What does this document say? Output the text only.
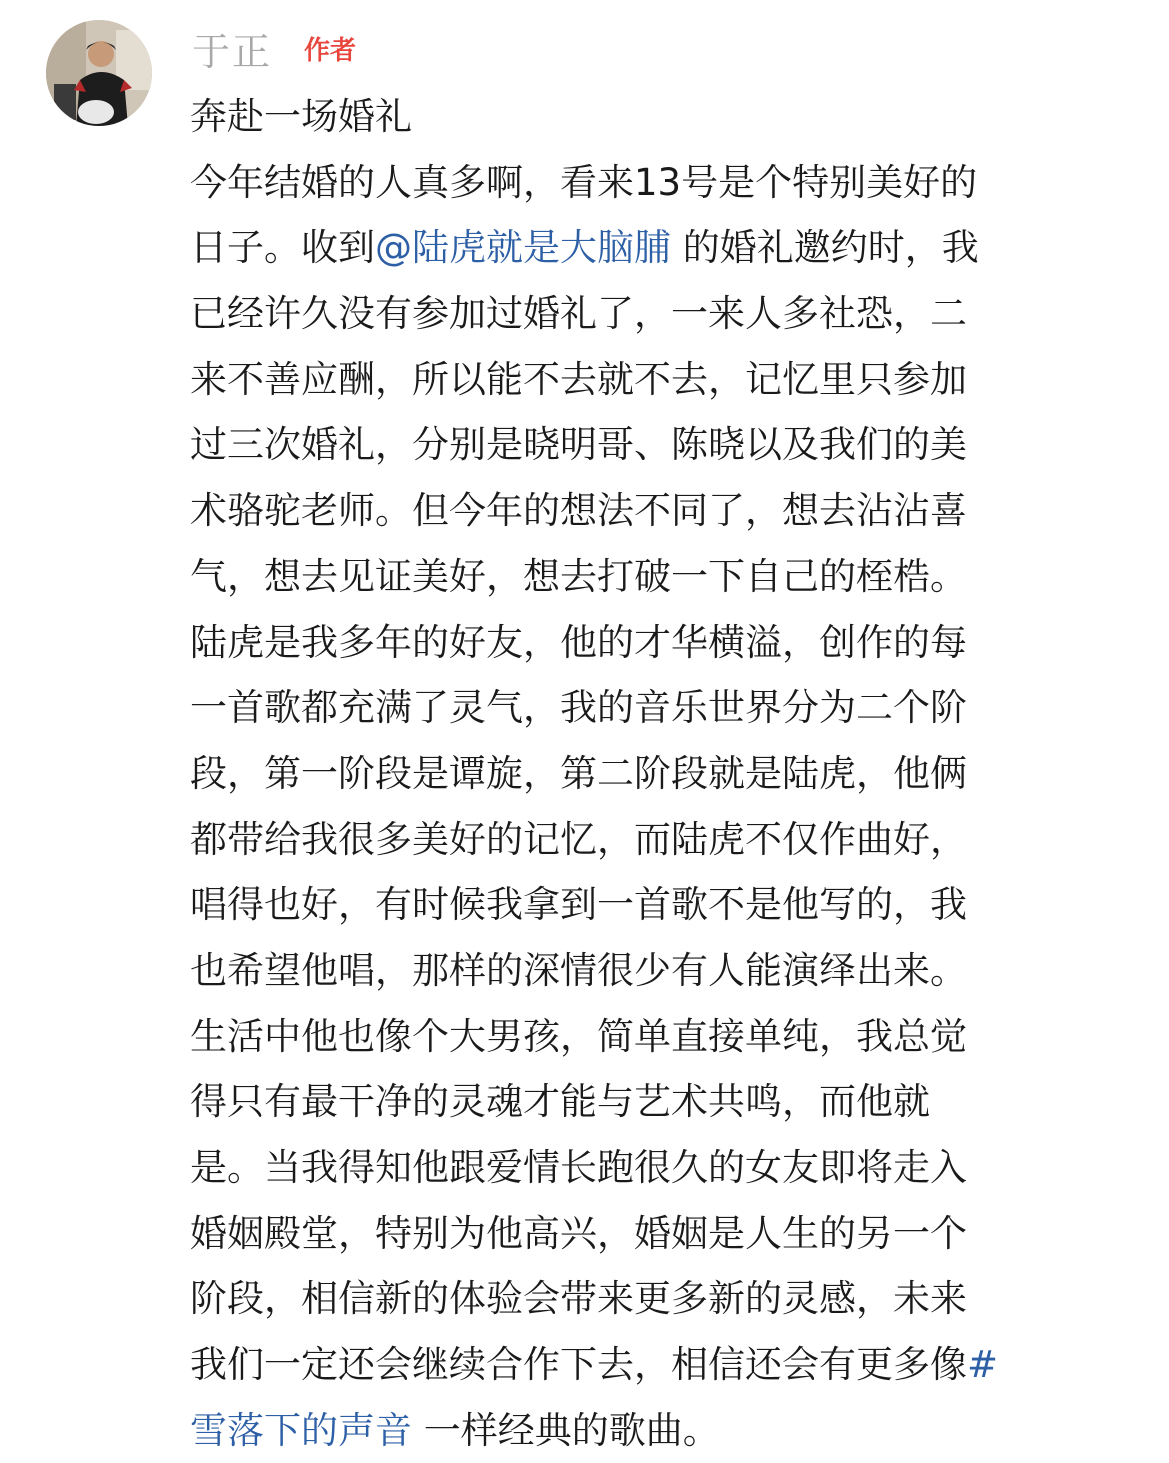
于正 作者
奔赴一场婚礼
今年结婚的人真多啊，看来13号是个特别美好的
日子。收到@陆虎就是大脑脯 的婚礼邀约时，我
已经许久没有参加过婚礼了，一来人多社恐，二
来不善应酬，所以能不去就不去，记忆里只参加
过三次婚礼，分别是晓明哥、陈晓以及我们的美
术骆驼老师。但今年的想法不同了，想去沾沾喜
气，想去见证美好，想去打破一下自己的桎梏。
陆虎是我多年的好友，他的才华横溢，创作的每
一首歌都充满了灵气，我的音乐世界分为二个阶
段，第一阶段是谭旋，第二阶段就是陆虎，他俩
都带给我很多美好的记忆，而陆虎不仅作曲好，
唱得也好，有时候我拿到一首歌不是他写的，我
也希望他唱，那样的深情很少有人能演绎出来。
生活中他也像个大男孩，简单直接单纯，我总觉
得只有最干净的灵魂才能与艺术共鸣，而他就
是。当我得知他跟爱情长跑很久的女友即将走入
婚姻殿堂，特别为他高兴，婚姻是人生的另一个
阶段，相信新的体验会带来更多新的灵感，未来
我们一定还会继续合作下去，相信还会有更多像#
雪落下的声音 一样经典的歌曲。
